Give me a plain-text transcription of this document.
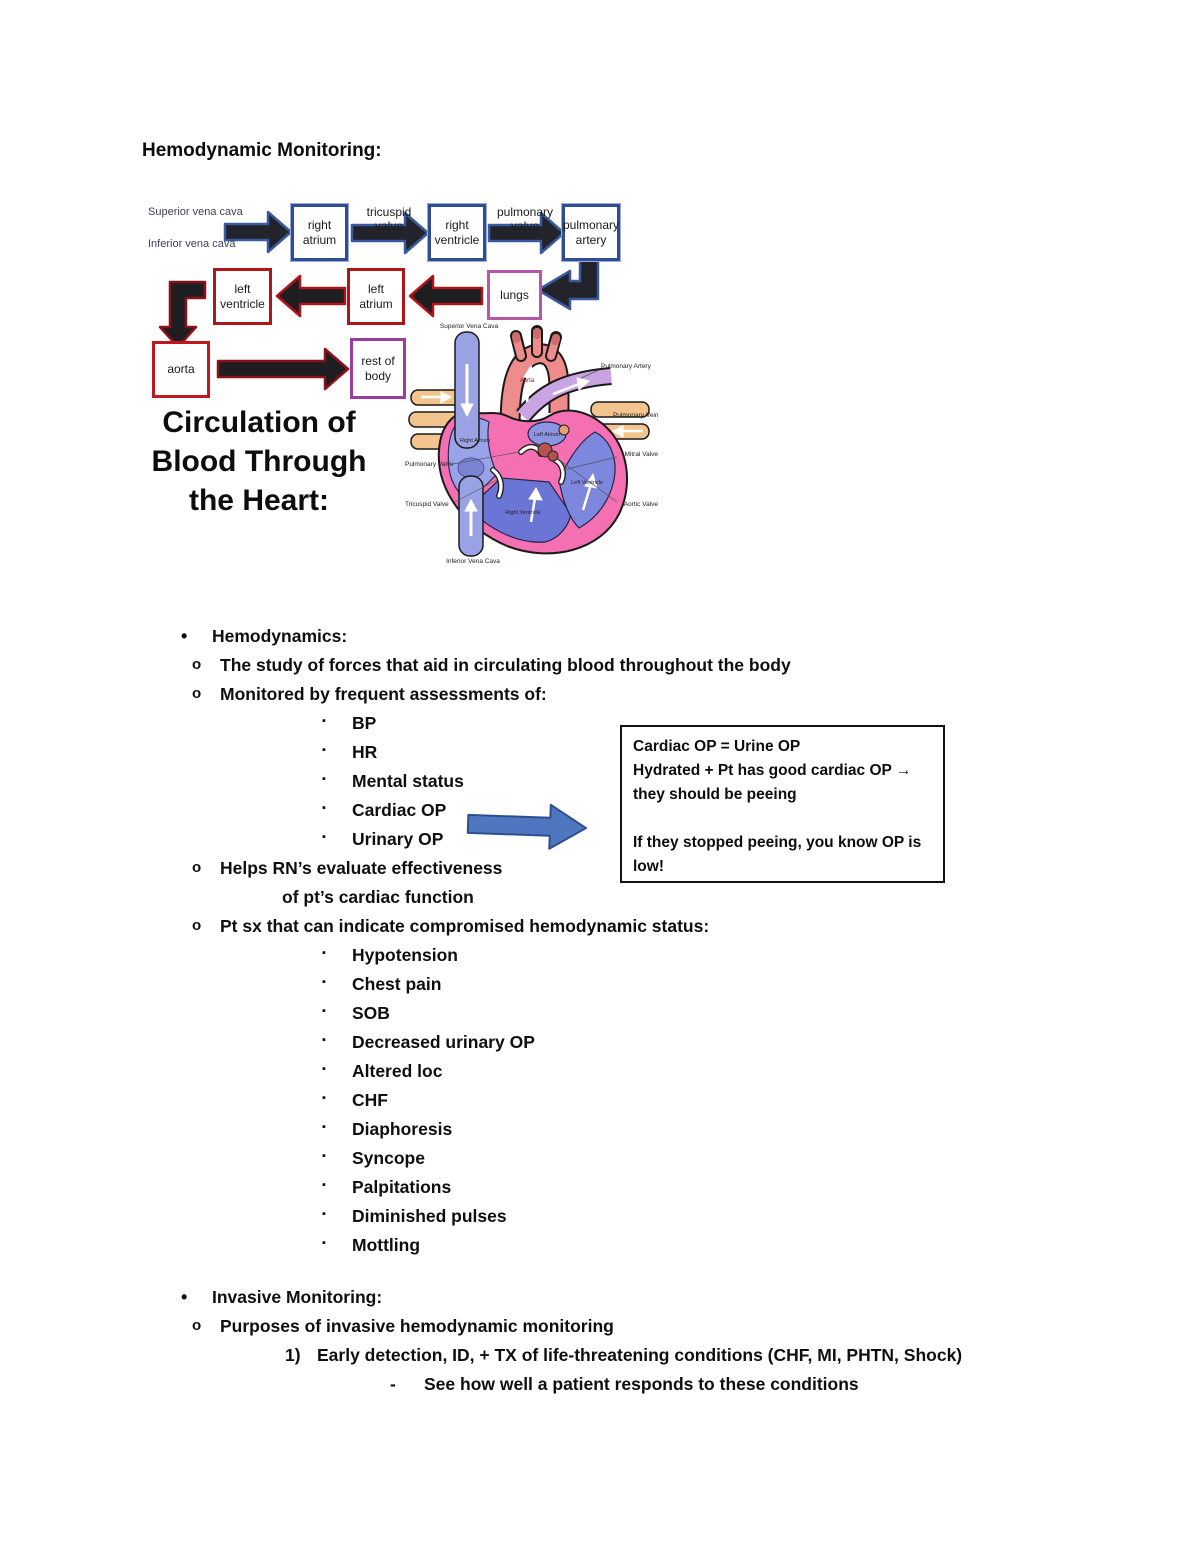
Hemodynamic Monitoring:
Superior vena cava
Inferior vena cava
right atrium
tricuspid valve	right ventricle
pulmonary valve	pulmonary artery
left ventricle
left atrium
lungs
aorta
rest of body
Circulation of Blood Through the Heart:
Superior Vena Cava
Aorta
Pulmonary Artery
Pulmonary Vein
Mitral Valve
Aortic Valve
Left Atrium
Right Atrium
Pulmonary Valve
Tricuspid Valve
Right Ventricle
Left Ventricle
Inferior Vena Cava
•	Hemodynamics:
o	The study of forces that aid in circulating blood throughout the body
o	Monitored by frequent assessments of:
▪	BP
▪	HR
▪	Mental status
▪	Cardiac OP
▪	Urinary OP
o	Helps RN’s evaluate effectiveness
of pt’s cardiac function
o	Pt sx that can indicate compromised hemodynamic status:
▪	Hypotension
▪	Chest pain
▪	SOB
▪	Decreased urinary OP
▪	Altered loc
▪	CHF
▪	Diaphoresis
▪	Syncope
▪	Palpitations
▪	Diminished pulses
▪	Mottling
•	Invasive Monitoring:
o	Purposes of invasive hemodynamic monitoring
1) Early detection, ID, + TX of life-threatening conditions (CHF, MI, PHTN, Shock)
-	See how well a patient responds to these conditions
Cardiac OP = Urine OP
Hydrated + Pt has good cardiac OP → they should be peeing
If they stopped peeing, you know OP is low!
